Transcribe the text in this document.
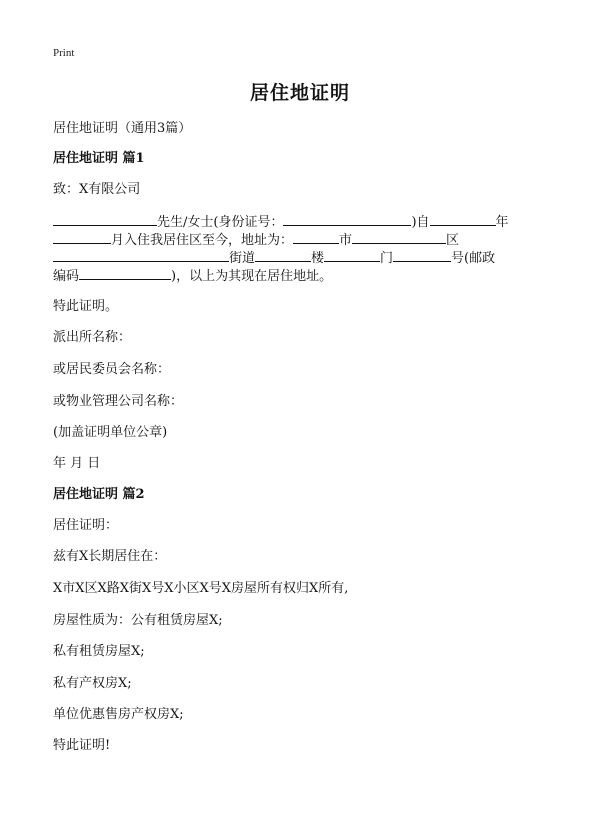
Print
居住地证明
居住地证明（通用3篇）
居住地证明 篇1
致：X有限公司
先生/女士(身份证号：	)自	年
月入住我居住区至今，地址为：	市	区
街道	楼	门	号(邮政
编码	)，以上为其现在居住地址。
特此证明。
派出所名称：
或居民委员会名称：
或物业管理公司名称：
(加盖证明单位公章)
年 月 日
居住地证明 篇2
居住证明：
兹有X长期居住在：
X市X区X路X街X号X小区X号X房屋所有权归X所有,
房屋性质为：公有租赁房屋X;
私有租赁房屋X;
私有产权房X;
单位优惠售房产权房X;
特此证明!
